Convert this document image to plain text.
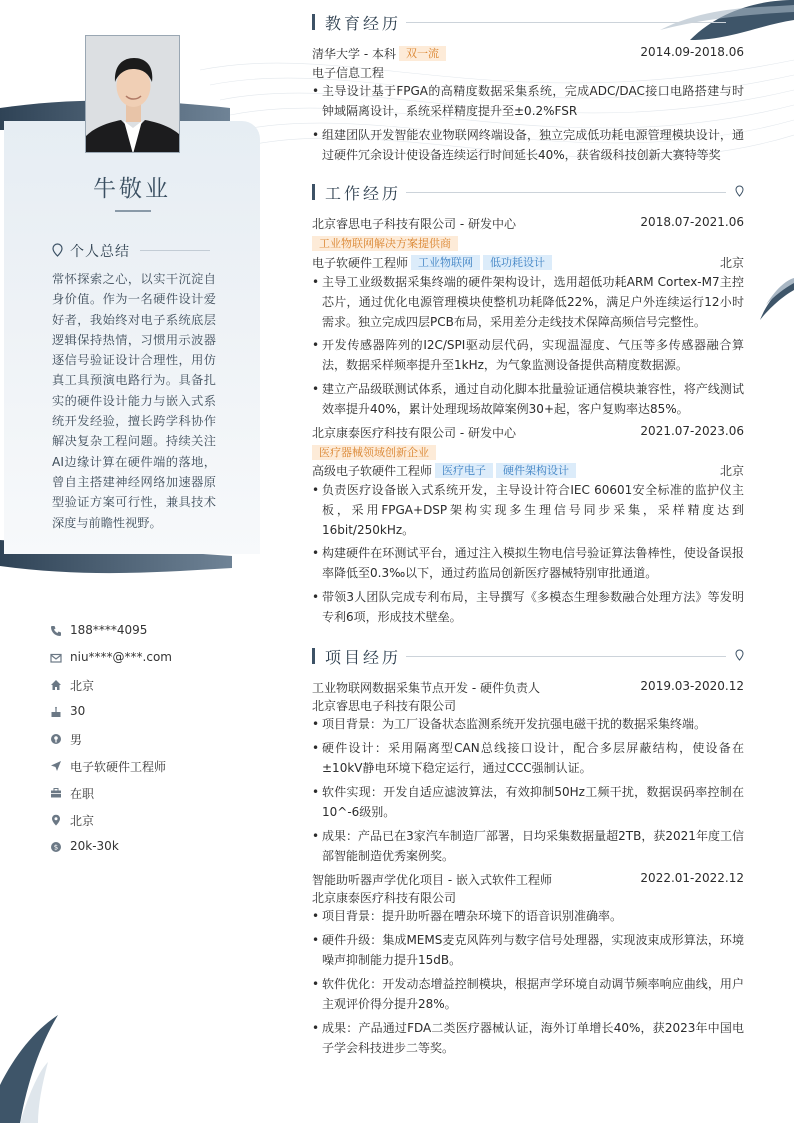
牛敬业
个人总结
常怀探索之心，以实干沉淀自身价值。作为一名硬件设计爱好者，我始终对电子系统底层逻辑保持热情，习惯用示波器逐信号验证设计合理性，用仿真工具预演电路行为。具备扎实的硬件设计能力与嵌入式系统开发经验，擅长跨学科协作解决复杂工程问题。持续关注AI边缘计算在硬件端的落地，曾自主搭建神经网络加速器原型验证方案可行性，兼具技术深度与前瞻性视野。
188****4095
niu****@***.com
北京
30
男
电子软硬件工程师
在职
北京
$ 20k-30k
教育经历
清华大学 - 本科 双一流	2014.09-2018.06
电子信息工程
• 主导设计基于FPGA的高精度数据采集系统，完成ADC/DAC接口电路搭建与时钟域隔离设计，系统采样精度提升至±0.2%FSR
• 组建团队开发智能农业物联网终端设备，独立完成低功耗电源管理模块设计，通过硬件冗余设计使设备连续运行时间延长40%，获省级科技创新大赛特等奖
工作经历
北京睿思电子科技有限公司 - 研发中心	2018.07-2021.06
工业物联网解决方案提供商
电子软硬件工程师 工业物联网 低功耗设计	北京
• 主导工业级数据采集终端的硬件架构设计，选用超低功耗ARM Cortex-M7主控芯片，通过优化电源管理模块使整机功耗降低22%，满足户外连续运行12小时需求。独立完成四层PCB布局，采用差分走线技术保障高频信号完整性。
• 开发传感器阵列的I2C/SPI驱动层代码，实现温湿度、气压等多传感器融合算法，数据采样频率提升至1kHz，为气象监测设备提供高精度数据源。
• 建立产品级联测试体系，通过自动化脚本批量验证通信模块兼容性，将产线测试效率提升40%，累计处理现场故障案例30+起，客户复购率达85%。
北京康泰医疗科技有限公司 - 研发中心	2021.07-2023.06
医疗器械领域创新企业
高级电子软硬件工程师 医疗电子 硬件架构设计	北京
• 负责医疗设备嵌入式系统开发，主导设计符合IEC 60601安全标准的监护仪主板，采用FPGA+DSP架构实现多生理信号同步采集，采样精度达到16bit/250kHz。
• 构建硬件在环测试平台，通过注入模拟生物电信号验证算法鲁棒性，使设备误报率降低至0.3‰以下，通过药监局创新医疗器械特别审批通道。
• 带领3人团队完成专利布局，主导撰写《多模态生理参数融合处理方法》等发明专利6项，形成技术壁垒。
项目经历
工业物联网数据采集节点开发 - 硬件负责人	2019.03-2020.12
北京睿思电子科技有限公司
• 项目背景：为工厂设备状态监测系统开发抗强电磁干扰的数据采集终端。
• 硬件设计：采用隔离型CAN总线接口设计，配合多层屏蔽结构，使设备在±10kV静电环境下稳定运行，通过CCC强制认证。
• 软件实现：开发自适应滤波算法，有效抑制50Hz工频干扰，数据误码率控制在10^-6级别。
• 成果：产品已在3家汽车制造厂部署，日均采集数据量超2TB，获2021年度工信部智能制造优秀案例奖。
智能助听器声学优化项目 - 嵌入式软件工程师	2022.01-2022.12
北京康泰医疗科技有限公司
• 项目背景：提升助听器在嘈杂环境下的语音识别准确率。
• 硬件升级：集成MEMS麦克风阵列与数字信号处理器，实现波束成形算法，环境噪声抑制能力提升15dB。
• 软件优化：开发动态增益控制模块，根据声学环境自动调节频率响应曲线，用户主观评价得分提升28%。
• 成果：产品通过FDA二类医疗器械认证，海外订单增长40%，获2023年中国电子学会科技进步二等奖。
